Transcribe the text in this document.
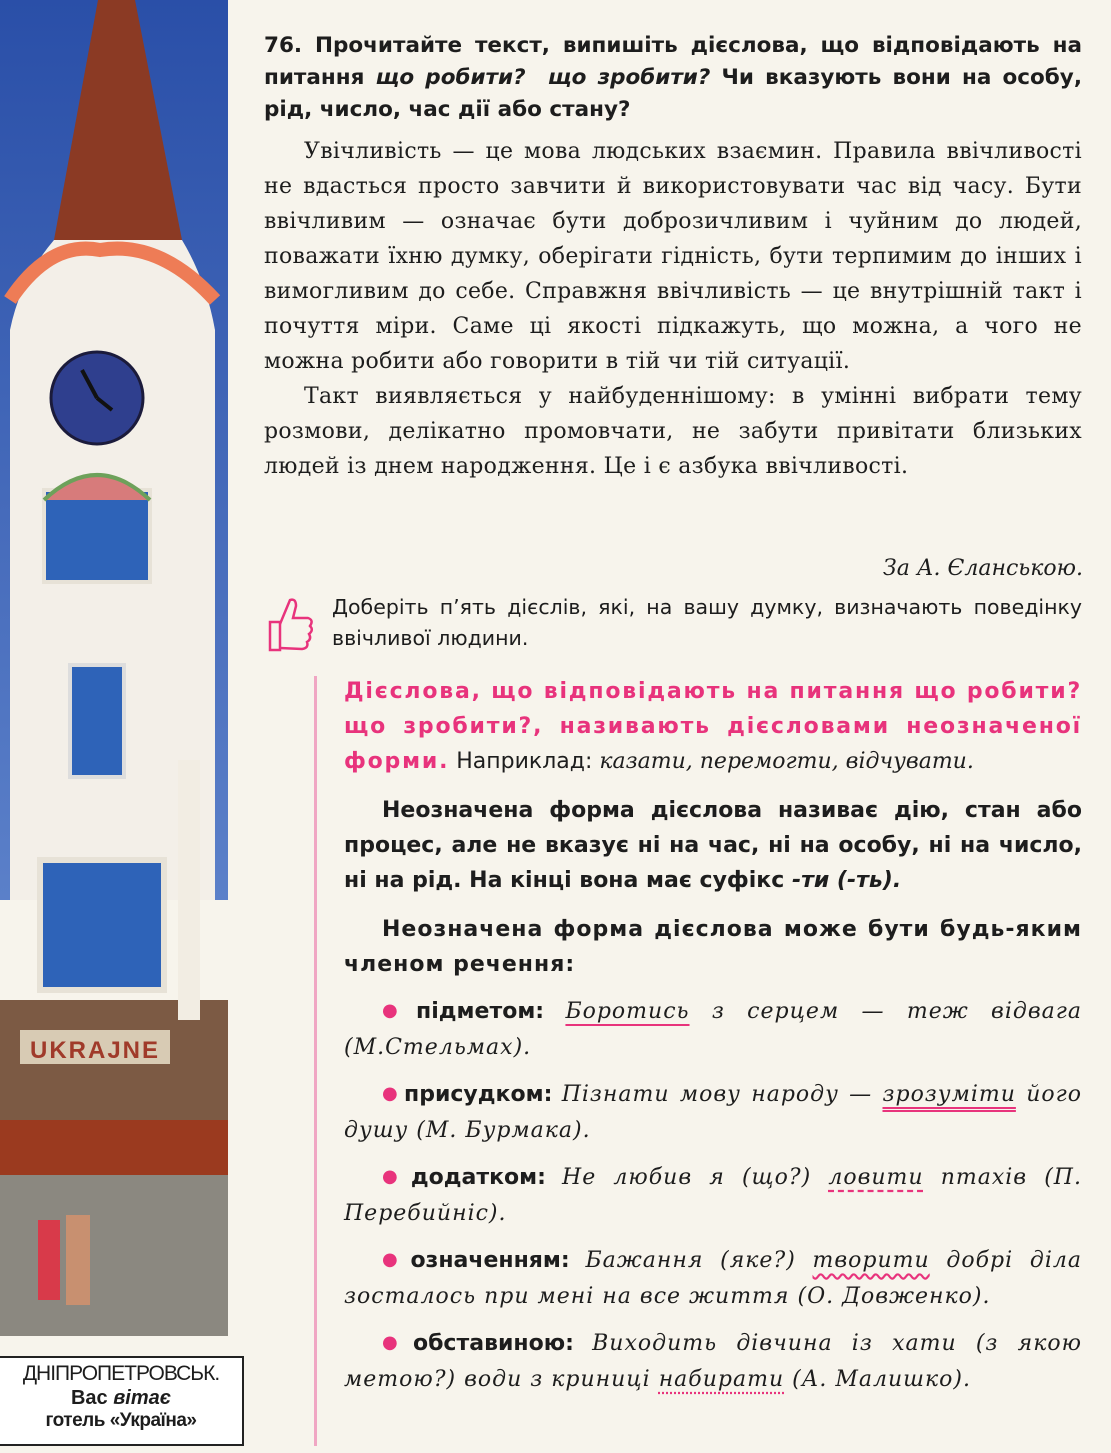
UKRAJNE
ДНІПРОПЕТРОВСЬК.
Вас вітає
готель «Україна»
76. Прочитайте текст, випишіть дієслова, що відповідають на питання що робити? що зробити? Чи вказують вони на особу, рід, число, час дії або стану?

Увічливість — це мова людських взаємин. Правила ввічливості не вдасться просто завчити й використовувати час від часу. Бути ввічливим — означає бути доброзичливим і чуйним до людей, поважати їхню думку, оберігати гідність, бути терпимим до інших і вимогливим до себе. Справжня ввічливість — це внутрішній такт і почуття міри. Саме ці якості підкажуть, що можна, а чого не можна робити або говорити в тій чи тій ситуації.

Такт виявляється у найбуденнішому: в умінні вибрати тему розмови, делікатно промовчати, не забути привітати близьких людей із днем народження. Це і є азбука ввічливості.

За А. Єланською.
Доберіть п’ять дієслів, які, на вашу думку, визначають поведінку ввічливої людини.

Дієслова, що відповідають на питання що робити? що зробити?, називають дієсловами неозначеної форми. Наприклад: казати, перемогти, відчувати.

Неозначена форма дієслова називає дію, стан або процес, але не вказує ні на час, ні на особу, ні на число, ні на рід. На кінці вона має суфікс -ти (-ть).

Неозначена форма дієслова може бути будь-яким членом речення:

● підметом: Боротись з серцем — теж відвага (М.Стельмах).

● присудком: Пізнати мову народу — зрозуміти його душу (М. Бурмака).

● додатком: Не любив я (що?) ловити птахів (П. Перебийніс).

● означенням: Бажання (яке?) творити добрі діла зосталось при мені на все життя (О. Довженко).

● обставиною: Виходить дівчина із хати (з якою метою?) води з криниці набирати (А. Малишко).
